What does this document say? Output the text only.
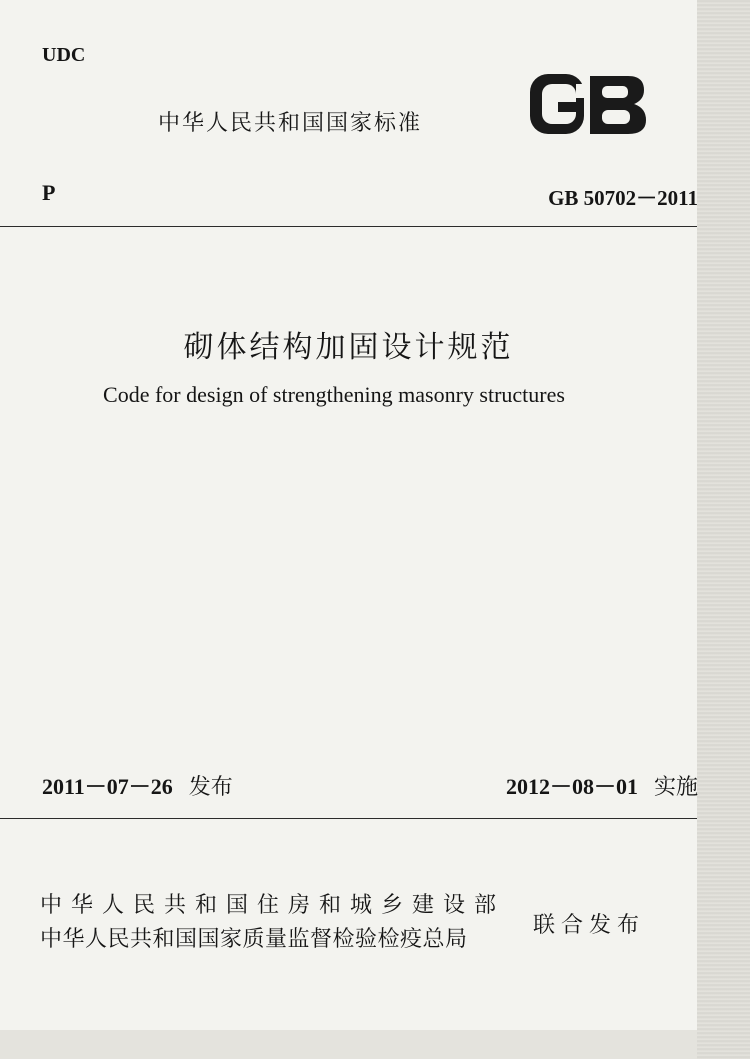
UDC
中华人民共和国国家标准
P	GB 50702－2011
砌体结构加固设计规范
Code for design of strengthening masonry structures
2011－07－26 发布	2012－08－01 实施
中华人民共和国住房和城乡建设部
中华人民共和国国家质量监督检验检疫总局
联合发布
